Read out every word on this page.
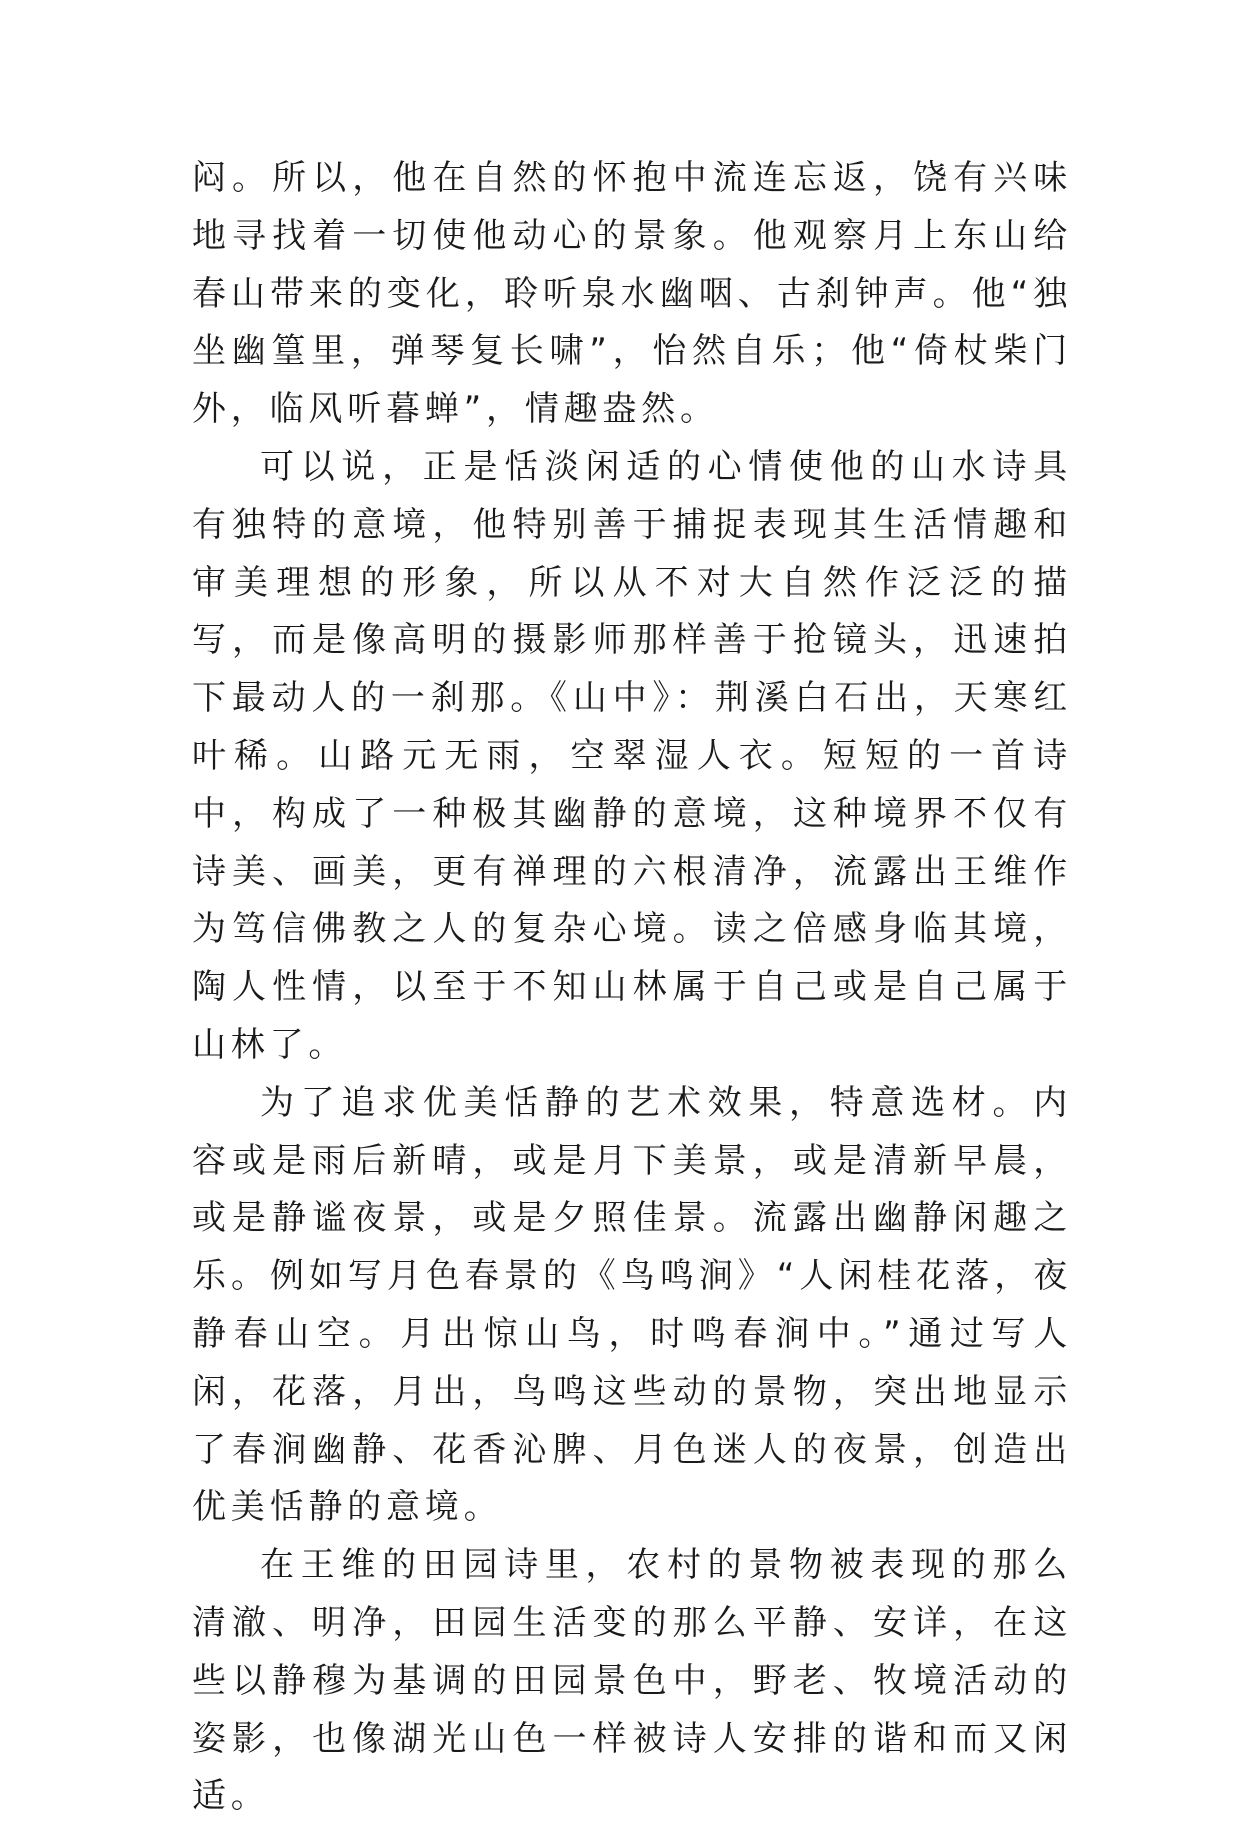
闷。所以，他在自然的怀抱中流连忘返，饶有兴味地寻找着一切使他动心的景象。他观察月上东山给春山带来的变化，聆听泉水幽咽、古刹钟声。他“独坐幽篁里，弹琴复长啸”，怡然自乐；他“倚杖柴门外，临风听暮蝉”，情趣盎然。

可以说，正是恬淡闲适的心情使他的山水诗具有独特的意境，他特别善于捕捉表现其生活情趣和审美理想的形象，所以从不对大自然作泛泛的描写，而是像高明的摄影师那样善于抢镜头，迅速拍下最动人的一刹那。《山中》：荆溪白石出，天寒红叶稀。山路元无雨，空翠湿人衣。短短的一首诗中，构成了一种极其幽静的意境，这种境界不仅有诗美、画美，更有禅理的六根清净，流露出王维作为笃信佛教之人的复杂心境。读之倍感身临其境，陶人性情，以至于不知山林属于自己或是自己属于山林了。

为了追求优美恬静的艺术效果，特意选材。内容或是雨后新晴，或是月下美景，或是清新早晨，或是静谧夜景，或是夕照佳景。流露出幽静闲趣之乐。例如写月色春景的《鸟鸣涧》“人闲桂花落，夜静春山空。月出惊山鸟，时鸣春涧中。”通过写人闲，花落，月出，鸟鸣这些动的景物，突出地显示了春涧幽静、花香沁脾、月色迷人的夜景，创造出优美恬静的意境。

在王维的田园诗里，农村的景物被表现的那么清澈、明净，田园生活变的那么平静、安详，在这些以静穆为基调的田园景色中，野老、牧境活动的姿影，也像湖光山色一样被诗人安排的谐和而又闲适。
